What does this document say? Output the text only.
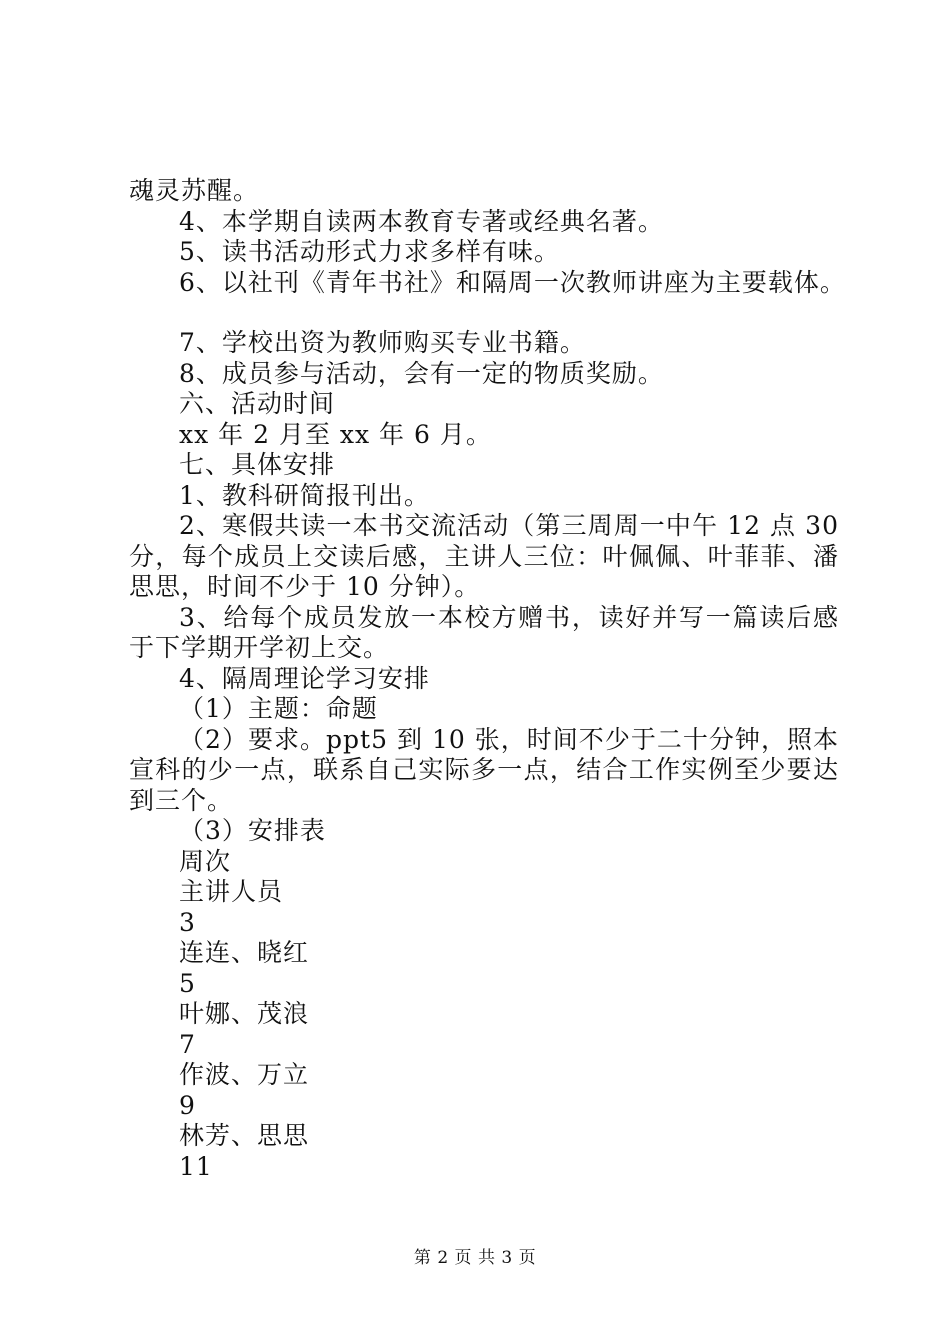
魂灵苏醒。
4、本学期自读两本教育专著或经典名著。
5、读书活动形式力求多样有味。
6、以社刊《青年书社》和隔周一次教师讲座为主要载体。
7、学校出资为教师购买专业书籍。
8、成员参与活动，会有一定的物质奖励。
六、活动时间
xx 年 2 月至 xx 年 6 月。
七、具体安排
1、教科研简报刊出。
2、寒假共读一本书交流活动（第三周周一中午 12 点 30 分，每个成员上交读后感，主讲人三位：叶佩佩、叶菲菲、潘思思，时间不少于 10 分钟）。
3、给每个成员发放一本校方赠书，读好并写一篇读后感于下学期开学初上交。
4、隔周理论学习安排
（1）主题：命题
（2）要求。ppt5 到 10 张，时间不少于二十分钟，照本宣科的少一点，联系自己实际多一点，结合工作实例至少要达到三个。
（3）安排表
周次
主讲人员
3
连连、晓红
5
叶娜、茂浪
7
作波、万立
9
林芳、思思
11
第 2 页 共 3 页
